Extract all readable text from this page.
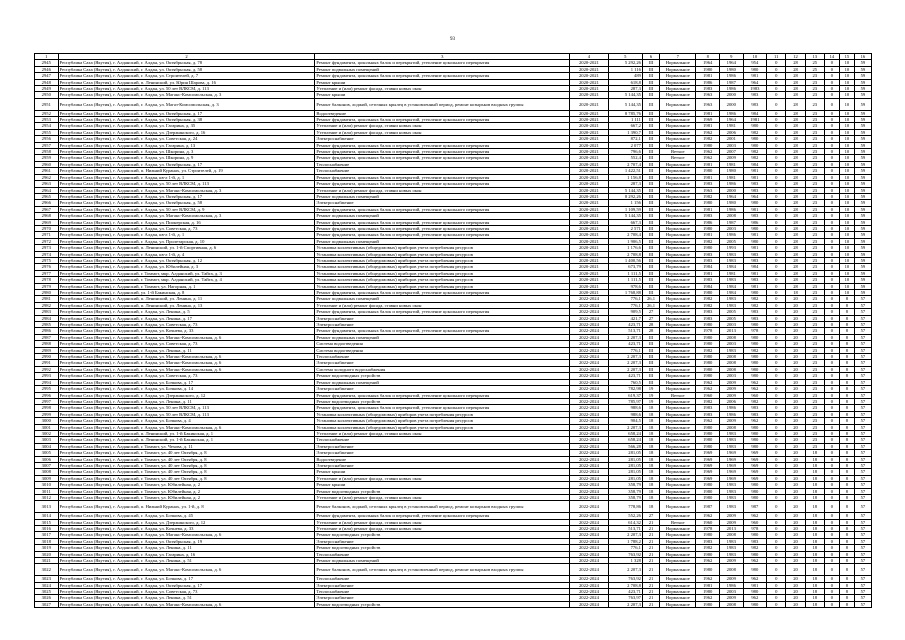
93
1	2	3	4	5	6	7	8	9	10	11	12	13	14	15	16
2945	Республика Саха (Якутия), г. Алданский, г. Алдан, ул. Октябрьская, д. 78	Ремонт фундамента, цокольных балок и перекрытий, утепление цокольного перекрытия	2020-2021	5 292,26	III	Нормальное	1964	1964	954	0	28	25	0	10	59
2946	Республика Саха (Якутия), г. Алданский, г. Алдан, ул. Октябрьская, д. 58	Ремонт подвальных помещений	2020-2021	1 116	III	Нормальное	1980	1980	980	0	28	25	0	10	59
2947	Республика Саха (Якутия), г. Алданский, г. Алдан, ул. Строителей, д. 7	Ремонт фундамента, цокольных балок и перекрытий, утепление цокольного перекрытия	2020-2021	489	III	Нормальное	1981	1986	981	0	28	23	0	10	59
2948	Республика Саха (Якутия), г. Алданский, п. Ленинский, ул. Юрия Шарова, д. 16	Ремонт крыши	2020-2021	618,8	III	Нормальное	1986	1987	964	0	28	23	0	10	59
2949	Республика Саха (Якутия), г. Алданский, г. Алдан, ул. 50 лет ВЛКСМ, д. 113	Утепление и (или) ремонт фасада, ставни новых окон	2020-2021	287,3	III	Нормальное	1983	1986	1983	0	28	23	0	10	59
2950	Республика Саха (Якутия), г. Алданский, г. Алдан, ул. Маганс-Комсомольская, д. 3	Ремонт крыши	2020-2021	5 144,35	III	Нормальное	1963	2000	983	0	28	23	0	10	59
2951	Республика Саха (Якутия), г. Алданский, г. Алдан, ул. Магаз-Комсомольская, д. 3	Ремонт балконов, лоджий, сеточных крылец в установленный период, ремонт козырьков входных группы	2020-2021	5 144,35	III	Нормальное	1963	2000	983	0	28	23	0	10	59
2952	Республика Саха (Якутия), г. Алданский, г. Алдан, ул. Октябрьская, д. 17	Водоотведение	2020-2021	8 785,76	III	Нормальное	1981	1986	984	0	28	23	0	10	59
2953	Республика Саха (Якутия), г. Алданский, г. Алдан, ул. Октябрьская, д. 38	Ремонт фундамента, цокольных балок и перекрытий, утепление цокольного перекрытия	2020-2021	1 111	III	Нормальное	1969	1964	1981	0	28	23	0	10	59
2954	Республика Саха (Якутия), г. Алданский, г. Алдан, ул. Гагарина, д. 35	Утепление и (или) ремонт фасада, ставни новых окон	2020-2021	667,2	III	Нормальное	1981	1981	980	0	28	23	0	10	59
2955	Республика Саха (Якутия), г. Алданский, г. Алдан, ул. Дзержинского, д. 16	Утепление и (или) ремонт фасада, ставни новых окон	2020-2021	1 390,7	III	Нормальное	1962	2006	982	0	28	23	0	10	59
2956	Республика Саха (Якутия), г. Алданский, г. Алдан, ул. Советская, д. 24	Электроснабжение	2020-2021	872,1	III	Нормальное	1982	2001	980	0	28	23	0	10	59
2957	Республика Саха (Якутия), г. Алданский, г. Алдан, ул. Гагарина, д. 13	Ремонт фундамента, цокольных балок и перекрытий, утепление цокольного перекрытия	2020-2021	2 077	III	Нормальное	1980	2003	980	0	28	23	0	10	59
2958	Республика Саха (Якутия), г. Алданский, г. Алдан, ул. Шкорина, д. 3	Ремонт фундамента, цокольных балок и перекрытий, утепление цокольного перекрытия	2020-2021	796,6	III	Ветхое	1962	2007	982	0	28	23	0	10	59
2959	Республика Саха (Якутия), г. Алданский, г. Алдан, ул. Шкорина, д. 9	Ремонт фундамента, цокольных балок и перекрытий, утепление цокольного перекрытия	2020-2021	552,4	III	Ветхое	1962	2009	982	0	28	23	0	10	59
2960	Республика Саха (Якутия), г. Алданский, г. Алдан, ул. Октябрьская, д. 17	Теплоснабжение	2020-2021	2 707,4	III	Нормальное	1981	1981	984	0	28	23	0	10	59
2961	Республика Саха (Якутия), г. Алданский, п. Нижний Куранах, ул. Строителей, д. 19	Теплоснабжение	2020-2021	1 422,51	III	Нормальное	1980	1980	981	0	28	23	0	10	59
2962	Республика Саха (Якутия), г. Алданский, г. Алдан, кв-л 1-й, д. 1	Ремонт фундамента, цокольных балок и перекрытий, утепление цокольного перекрытия	2020-2021	1 156,8	III	Нормальное	1981	1981	981	0	28	23	0	10	59
2963	Республика Саха (Якутия), г. Алданский, г. Алдан, ул. 50 лет ВЛКСМ, д. 113	Ремонт фундамента, цокольных балок и перекрытий, утепление цокольного перекрытия	2020-2021	287,3	III	Нормальное	1983	1986	983	0	28	23	0	10	59
2964	Республика Саха (Якутия), г. Алданский, г. Алдан, ул. Маганс-Комсомольская, д. 3	Утепление и (или) ремонт фасада, ставни новых окон	2020-2021	5 144,35	III	Нормальное	1963	2000	983	0	28	23	0	10	59
2965	Республика Саха (Якутия), г. Алданский, г. Алдан, ул. Октябрьская, д. 17	Ремонт подвальных помещений	2020-2021	8 292,26	III	Нормальное	1982	1964	964	0	28	23	0	10	59
2966	Республика Саха (Якутия), г. Алданский, г. Алдан, ул. Октябрьская, д. 58	Электроснабжение	2020-2021	1 156	III	Нормальное	1980	1980	980	0	28	23	0	10	59
2967	Республика Саха (Якутия), г. Алданский, г. Алдан, ул. 50 лет ВЛКСМ, д. 9	Ремонт фундамента, цокольных балок и перекрытий, утепление цокольного перекрытия	2020-2021	1 109,59	III	Нормальное	1981	1986	981	0	28	23	0	10	59
2968	Республика Саха (Якутия), г. Алданский, г. Алдан, ул. Маганс-Комсомольская, д. 3	Ремонт подвальных помещений	2020-2021	5 144,35	III	Нормальное	1983	2008	983	0	28	23	0	10	59
2969	Республика Саха (Якутия), г. Алданский, г. Алдан, ул. Пионерская, д. 16	Ремонт фундамента, цокольных балок и перекрытий, утепление цокольного перекрытия	2020-2021	667,3	III	Нормальное	1986	1987	986	0	28	23	0	10	59
2970	Республика Саха (Якутия), г. Алданский, г. Алдан, ул. Советская, д. 73	Ремонт фундамента, цокольных балок и перекрытий, утепление цокольного перекрытия	2020-2021	2 571	III	Нормальное	1980	2003	980	0	28	23	0	10	59
2971	Республика Саха (Якутия), г. Алданский, г. Алдан, кв-л 1-й, д. 1	Ремонт фундамента, цокольных балок и перекрытий, утепление цокольного перекрытия	2020-2021	2 708,4	III	Нормальное	1981	1986	981	0	28	23	0	10	59
2972	Республика Саха (Якутия), г. Алданский, г. Алдан, ул. Пролетарская, д. 10	Ремонт подвальных помещений	2020-2021	1 906,5	III	Нормальное	1982	2005	980	0	28	23	0	10	59
2973	Республика Саха (Якутия), г. Алданский, п. Ленинский, ул. 1-й Спортивная, д. 6	Установка коллективных (общедомовых) приборов учета потребления ресурсов	2020-2021	1 176,6	III	Нормальное	1980	1993	981	0	28	23	0	10	59
2974	Республика Саха (Якутия), г. Алданский, г. Алдан, кв-л 1-й, д. 4	Установка коллективных (общедомовых) приборов учета потребления ресурсов	2020-2021	2 708,8	III	Нормальное	1983	1983	983	0	28	23	0	10	59
2975	Республика Саха (Якутия), г. Алданский, г. Алдан, ул. Октябрьская, д. 12	Установка коллективных (общедомовых) приборов учета потребления ресурсов	2020-2021	1 400,56	III	Нормальное	1983	1983	983	0	28	23	0	10	59
2976	Республика Саха (Якутия), г. Алданский, г. Алдан, ул. Юбилейная, д. 3	Установка коллективных (общедомовых) приборов учета потребления ресурсов	2020-2021	673,79	III	Нормальное	1984	1984	984	0	28	23	0	10	59
2977	Республика Саха (Якутия), г. Алданский, г. Томмот, мкр. Алданский, ул. Тайга, д. 3	Установка коллективных (общедомовых) приборов учета потребления ресурсов	2020-2021	1 111,5	III	Нормальное	1981	1981	981	0	28	23	0	10	59
2978	Республика Саха (Якутия), г. Алданский, г. Томмот, мкр. Алданский, ул. Тайга, д. 4	Установка коллективных (общедомовых) приборов учета потребления ресурсов	2020-2021	1 111,5	III	Нормальное	1983	1983	983	0	28	23	0	10	59
2979	Республика Саха (Якутия), г. Алданский, г. Томмот, ул. Нагорная, д. 1	Установка коллективных (общедомовых) приборов учета потребления ресурсов	2020-2021	978,6	III	Нормальное	1984	1984	981	0	28	23	0	10	59
2980	Республика Саха (Якутия), г. Алданский, ул. 1-й Бакинская, д. 8	Ремонт фундамента, цокольных балок и перекрытий, утепление цокольного перекрытия	2020-2021	1 768,88	III	Нормальное	1980	1984	980	0	18	23	0	10	59
2981	Республика Саха (Якутия), г. Алданский, п. Ленинский, ул. Ленина, д. 11	Ремонт подвальных помещений	2022-2024	776,1	26,1	Нормальное	1982	1983	982	0	20	23	0	8	57
2982	Республика Саха (Якутия), г. Алданский, п. Ленинский, ул. Ленина, д. 13	Утепление и (или) ремонт фасада, ставни новых окон	2022-2024	776,1	26,1	Нормальное	1982	1983	982	0	20	23	0	8	57
2983	Республика Саха (Якутия), г. Алданский, г. Алдан, ул. Ленина, д. 5	Ремонт фундамента, цокольных балок и перекрытий, утепление цокольного перекрытия	2022-2024	909,5	27	Нормальное	1983	2005	983	0	20	23	0	8	57
2984	Республика Саха (Якутия), г. Алданский, г. Алдан, ул. Ленина, д. 17	Электроснабжение	2022-2024	421,7	27	Нормальное	1983	2005	983	0	20	23	0	8	57
2985	Республика Саха (Якутия), г. Алданский, г. Алдан, ул. Советская, д. 73	Электроснабжение	2022-2024	423,71	28	Нормальное	1980	2003	980	0	20	23	0	8	57
2986	Республика Саха (Якутия), г. Алданский, г. Алдан, ул. Кочнева, д. 33	Ремонт фундамента, цокольных балок и перекрытий, утепление цокольного перекрытия	2022-2024	513,71	28	Нормальное	1978	2013	978	0	20	23	0	8	57
2987	Республика Саха (Якутия), г. Алданский, г. Алдан, ул. Маганс-Комсомольская, д. 6	Ремонт подвальных помещений	2022-2024	2 207,3	III	Нормальное	1980	2008	980	0	20	23	0	8	57
2988	Республика Саха (Якутия), г. Алданский, г. Алдан, ул. Советская, д. 73	Система водоотведения	2022-2024	423,71	III	Нормальное	1980	2003	980	0	20	23	0	8	57
2989	Республика Саха (Якутия), г. Алданский, г. Алдан, ул. Ленина, д. 11	Система водоотведения	2022-2024	776,1	III	Нормальное	1982	1983	982	0	20	23	0	8	57
2990	Республика Саха (Якутия), г. Алданский, г. Алдан, ул. Маганс-Комсомольская, д. 6	Теплоснабжение	2022-2024	2 207,3	III	Нормальное	1980	2008	980	0	20	23	0	8	57
2991	Республика Саха (Якутия), г. Алданский, г. Алдан, ул. Маганс-Комсомольская, д. 6	Электроснабжение	2022-2024	2 207,3	III	Нормальное	1980	2008	980	0	20	23	0	8	57
2992	Республика Саха (Якутия), г. Алданский, г. Алдан, ул. Маганс-Комсомольская, д. 6	Система холодного водоснабжения	2022-2024	2 207,3	III	Нормальное	1980	2008	980	0	20	23	0	8	57
2993	Республика Саха (Якутия), г. Алданский, г. Алдан, ул. Советская, д. 73	Ремонт водоотводных устройств	2022-2024	423,71	III	Нормальное	1980	2003	980	0	20	23	0	8	57
2994	Республика Саха (Якутия), г. Алданский, г. Алдан, ул. Бочкова, д. 17	Ремонт подвальных помещений	2022-2024	760,5	III	Нормальное	1962	2009	962	0	20	23	0	8	57
2995	Республика Саха (Якутия), г. Алданский, г. Алдан, ул. Бочкова, д. 14	Электроснабжение	2022-2024	782,98	19	Нормальное	1962	2009	962	0	20	23	0	8	57
2996	Республика Саха (Якутия), г. Алданский, г. Алдан, ул. Дзержинского, д. 12	Ремонт фундамента, цокольных балок и перекрытий, утепление цокольного перекрытия	2022-2024	619,37	19	Ветхое	1960	2009	960	0	20	23	0	8	57
2997	Республика Саха (Якутия), г. Алданский, г. Алдан, ул. Ленина, д. 11	Ремонт водоотводных устройств	2022-2024	785,97	19	Нормальное	1982	2006	982	0	20	23	0	8	57
2998	Республика Саха (Якутия), г. Алданский, г. Алдан, ул. 50 лет ВЛКСМ, д. 113	Ремонт фундамента, цокольных балок и перекрытий, утепление цокольного перекрытия	2022-2024	988,6	18	Нормальное	1983	1986	983	0	20	23	0	8	57
2999	Республика Саха (Якутия), г. Алданский, г. Алдан, ул. 50 лет ВЛКСМ, д. 113	Установка коллективных (общедомовых) приборов учета потребления ресурсов	2022-2024	988,6	18	Нормальное	1983	1986	983	0	20	23	0	8	57
3000	Республика Саха (Якутия), г. Алданский, г. Алдан, ул. Бочкова, д. 4	Установка коллективных (общедомовых) приборов учета потребления ресурсов	2022-2024	904,5	18	Нормальное	1962	2009	962	0	20	23	0	8	57
3001	Республика Саха (Якутия), г. Алданский, г. Алдан, ул. Маганс-Комсомольская, д. 6	Установка коллективных (общедомовых) приборов учета потребления ресурсов	2022-2024	2 207,3	18	Нормальное	1980	2008	980	0	20	23	0	8	57
3002	Республика Саха (Якутия), г. Алданский, п. Ленинский, ул. 1-й Бакинская, д. 1	Утепление и (или) ремонт фасада, ставни новых окон	2022-2024	658,24	18	Нормальное	1980	1983	980	0	20	23	0	8	57
3003	Республика Саха (Якутия), г. Алданский, п. Ленинский, ул. 1-й Бакинская, д. 1	Теплоснабжение	2022-2024	658,24	18	Нормальное	1980	1983	980	0	20	23	0	8	57
3004	Республика Саха (Якутия), г. Алданский, г. Томмот, ул. Чехова, д. 11	Электроснабжение	2022-2024	566,28	18	Нормальное	1980	1983	980	0	20	23	0	8	57
3005	Республика Саха (Якутия), г. Алданский, г. Томмот, ул. 40 лет Октября, д. 8	Электроснабжение	2022-2024	281,05	18	Нормальное	1969	1969	969	0	20	18	0	8	57
3006	Республика Саха (Якутия), г. Алданский, г. Томмот, ул. 40 лет Октября, д. 8	Водоотведение	2022-2024	281,05	18	Нормальное	1969	1969	969	0	20	18	0	8	57
3007	Республика Саха (Якутия), г. Алданский, г. Томмот, ул. 40 лет Октября, д. 8	Электроснабжение	2022-2024	281,05	18	Нормальное	1969	1969	969	0	20	18	0	8	57
3008	Республика Саха (Якутия), г. Алданский, г. Томмот, ул. 40 лет Октября, д. 8	Ремонт крыши	2022-2024	281,05	18	Нормальное	1969	1969	969	0	20	18	0	8	57
3009	Республика Саха (Якутия), г. Алданский, г. Томмот, ул. 40 лет Октября, д. 8	Утепление и (или) ремонт фасада, ставни новых окон	2022-2024	281,05	18	Нормальное	1969	1969	969	0	20	18	0	8	57
3010	Республика Саха (Якутия), г. Алданский, г. Томмот, ул. Юбилейная, д. 2	Ремонт крыши	2022-2024	358,79	18	Нормальное	1980	1983	980	0	20	18	0	8	57
3011	Республика Саха (Якутия), г. Алданский, г. Томмот, ул. Юбилейная, д. 2	Ремонт водоотводных устройств	2022-2024	358,79	18	Нормальное	1980	1983	980	0	20	18	0	8	57
3012	Республика Саха (Якутия), г. Алданский, г. Томмот, ул. Юбилейная, д. 2	Утепление и (или) ремонт фасада, ставни новых окон	2022-2024	358,79	18	Нормальное	1980	1983	980	0	20	18	0	8	57
3013	Республика Саха (Якутия), г. Алданский, п. Нижний Куранах, ул. 1-й, д. 8	Ремонт балконов, лоджий, сеточных крылец в установленный период, ремонт козырьков входных группы	2022-2024	778,86	18	Нормальное	1987	1983	987	0	20	18	0	8	57
3014	Республика Саха (Якутия), г. Алданский, г. Алдан, ул. Бочкова, д. 45	Ремонт фундамента, цокольных балок и перекрытий, утепление цокольного перекрытия	2022-2024	552,26	27	Нормальное	1962	2009	962	0	20	18	0	8	57
3015	Республика Саха (Якутия), г. Алданский, г. Алдан, ул. Дзержинского, д. 12	Утепление и (или) ремонт фасада, ставни новых окон	2022-2024	614,32	21	Ветхое	1960	2009	960	0	20	18	0	8	57
3016	Республика Саха (Якутия), г. Алданский, г. Алдан, ул. Кочнева, д. 33	Утепление и (или) ремонт фасада, ставни новых окон	2022-2024	513,71	21	Нормальное	1978	2013	978	0	20	18	0	8	57
3017	Республика Саха (Якутия), г. Алданский, г. Алдан, ул. Маганс-Комсомольская, д. 6	Ремонт водоотводных устройств	2022-2024	2 207,3	21	Нормальное	1980	2008	980	0	20	18	0	8	57
3018	Республика Саха (Якутия), г. Алданский, г. Алдан, ул. Октябрьская, д. 19	Электроснабжение	2022-2024	1 788,2	21	Нормальное	1983	1983	983	0	20	18	0	8	57
3019	Республика Саха (Якутия), г. Алданский, г. Алдан, ул. Ленина, д. 11	Ремонт водоотводных устройств	2022-2024	776,1	21	Нормальное	1982	1983	982	0	20	18	0	8	57
3020	Республика Саха (Якутия), г. Алданский, г. Алдан, ул. Гагарина, д. 16	Теплоснабжение	2022-2024	763,92	21	Нормальное	1980	1983	980	0	20	18	0	8	57
3021	Республика Саха (Якутия), г. Алданский, г. Алдан, ул. Ленина, д. 51	Ремонт подвальных помещений	2022-2024	1 328	21	Нормальное	1962	2009	962	0	20	18	0	8	57
3022	Республика Саха (Якутия), г. Алданский, г. Алдан, ул. Маганс-Комсомольская, д. 6	Ремонт балконов, лоджий, сеточных крылец в установленный период, ремонт козырьков входных группы	2022-2024	2 207,3	21	Нормальное	1980	2008	980	0	20	18	0	8	57
3023	Республика Саха (Якутия), г. Алданский, г. Алдан, ул. Бочкова, д. 17	Теплоснабжение	2022-2024	763,92	21	Нормальное	1962	2009	962	0	20	18	0	8	57
3024	Республика Саха (Якутия), г. Алданский, г. Алдан, ул. Октябрьская, д. 17	Электроснабжение	2022-2024	2 708,8	21	Нормальное	1981	1986	981	0	20	18	0	8	57
3025	Республика Саха (Якутия), г. Алданский, г. Алдан, ул. Советская, д. 73	Теплоснабжение	2022-2024	423,71	21	Нормальное	1980	2003	980	0	20	18	0	8	57
3026	Республика Саха (Якутия), г. Алданский, г. Алдан, ул. Ленина, д. 51	Электроснабжение	2022-2024	763,97	21	Нормальное	1962	2009	962	0	20	18	0	8	57
3027	Республика Саха (Якутия), г. Алданский, г. Алдан, ул. Маганс-Комсомольская, д. 6	Ремонт водоотводных устройств	2022-2024	2 207,3	21	Нормальное	1980	2008	980	0	20	18	0	8	57
